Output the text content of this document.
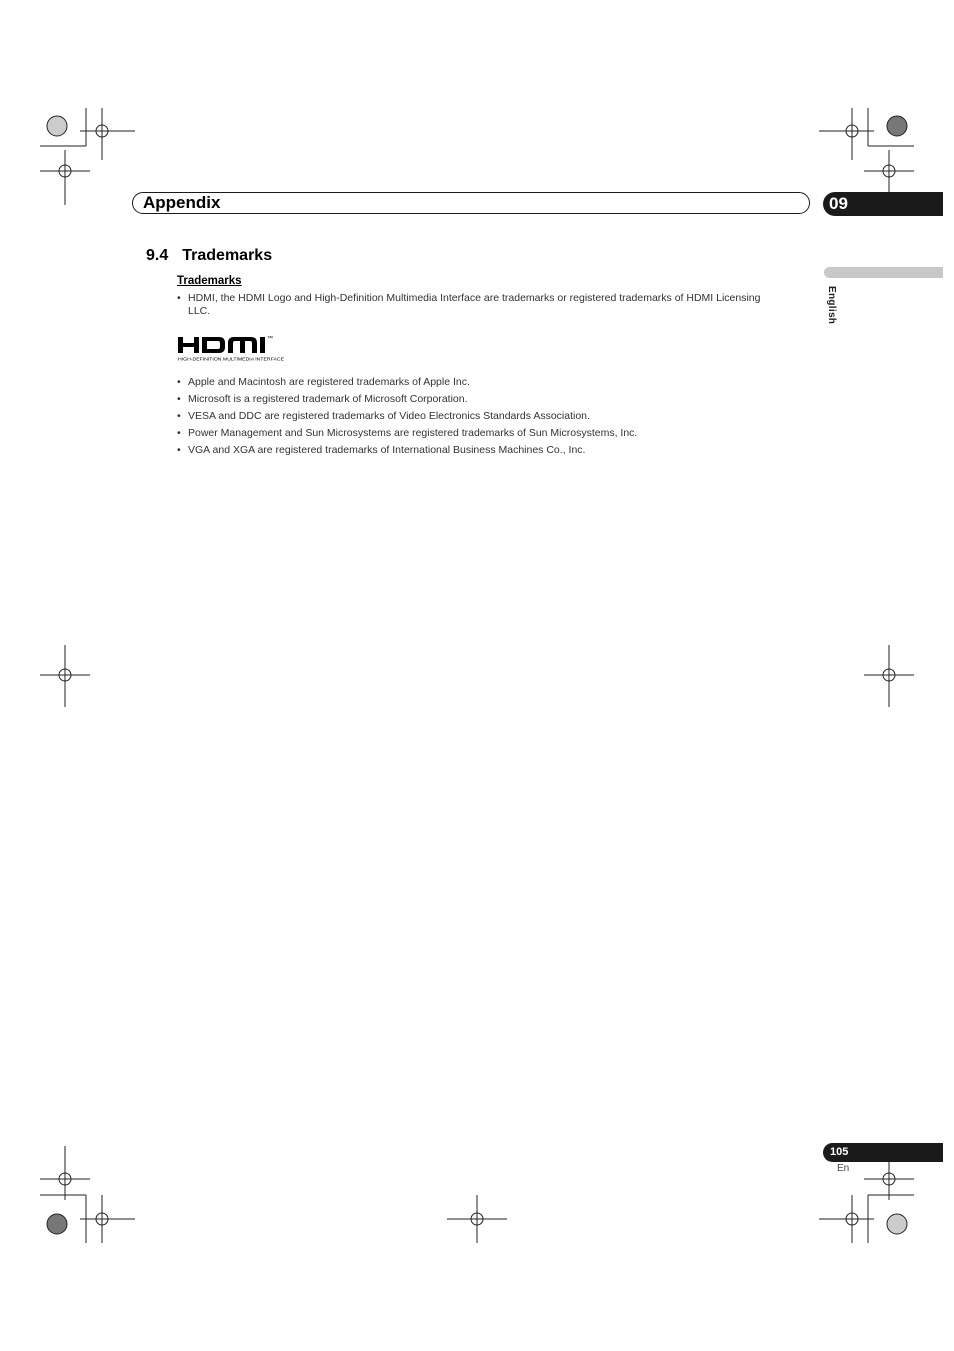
Appendix	09
English
9.4 Trademarks
Trademarks
• HDMI, the HDMI Logo and High-Definition Multimedia Interface are trademarks or registered trademarks of HDMI Licensing LLC.
™
HIGH-DEFINITION MULTIMEDIA INTERFACE
• Apple and Macintosh are registered trademarks of Apple Inc.
• Microsoft is a registered trademark of Microsoft Corporation.
• VESA and DDC are registered trademarks of Video Electronics Standards Association.
• Power Management and Sun Microsystems are registered trademarks of Sun Microsystems, Inc.
• VGA and XGA are registered trademarks of International Business Machines Co., Inc.
105
En
